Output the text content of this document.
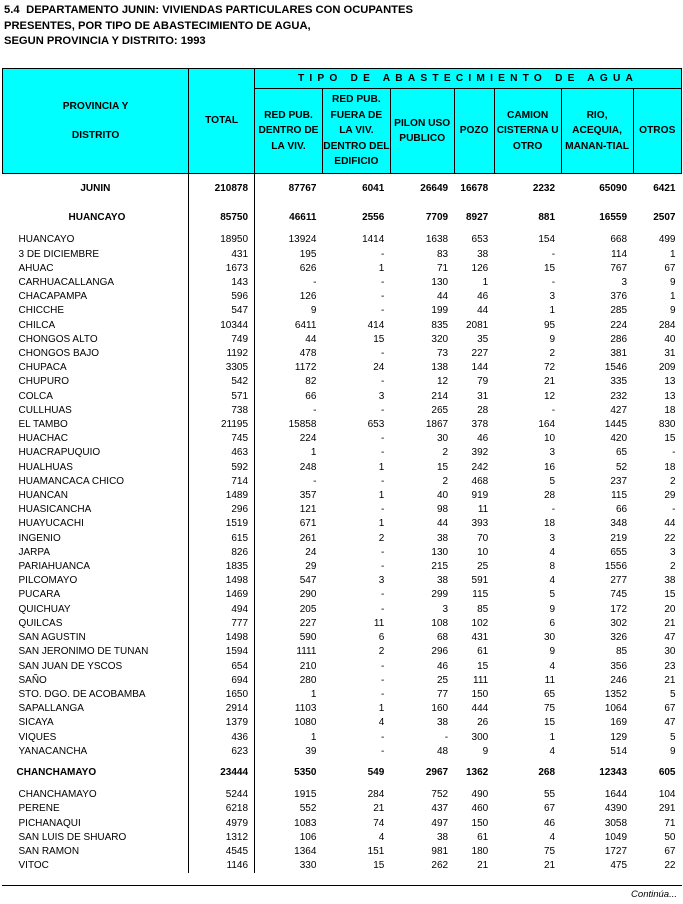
5.4 DEPARTAMENTO JUNIN: VIVIENDAS PARTICULARES CON OCUPANTES
PRESENTES, POR TIPO DE ABASTECIMIENTO DE AGUA,
SEGUN PROVINCIA Y DISTRITO: 1993
PROVINCIA Y
DISTRITO	TOTAL	TIPO DE ABASTECIMIENTO DE AGUA						
		RED PUB. DENTRO DE LA VIV.	RED PUB. FUERA DE LA VIV. DENTRO DEL EDIFICIO	PILON USO PUBLICO	POZO	CAMION CISTERNA U OTRO	RIO, ACEQUIA, MANAN-TIAL	OTROS

JUNIN	210878	87767	6041	26649	16678	2232	65090	6421

HUANCAYO	85750	46611	2556	7709	8927	881	16559	2507

HUANCAYO	18950	13924	1414	1638	653	154	668	499
3 DE DICIEMBRE	431	195	-	83	38	-	114	1
AHUAC	1673	626	1	71	126	15	767	67
CARHUACALLANGA	143	-	-	130	1	-	3	9
CHACAPAMPA	596	126	-	44	46	3	376	1
CHICCHE	547	9	-	199	44	1	285	9
CHILCA	10344	6411	414	835	2081	95	224	284
CHONGOS ALTO	749	44	15	320	35	9	286	40
CHONGOS BAJO	1192	478	-	73	227	2	381	31
CHUPACA	3305	1172	24	138	144	72	1546	209
CHUPURO	542	82	-	12	79	21	335	13
COLCA	571	66	3	214	31	12	232	13
CULLHUAS	738	-	-	265	28	-	427	18
EL TAMBO	21195	15858	653	1867	378	164	1445	830
HUACHAC	745	224	-	30	46	10	420	15
HUACRAPUQUIO	463	1	-	2	392	3	65	-
HUALHUAS	592	248	1	15	242	16	52	18
HUAMANCACA CHICO	714	-	-	2	468	5	237	2
HUANCAN	1489	357	1	40	919	28	115	29
HUASICANCHA	296	121	-	98	11	-	66	-
HUAYUCACHI	1519	671	1	44	393	18	348	44
INGENIO	615	261	2	38	70	3	219	22
JARPA	826	24	-	130	10	4	655	3
PARIAHUANCA	1835	29	-	215	25	8	1556	2
PILCOMAYO	1498	547	3	38	591	4	277	38
PUCARA	1469	290	-	299	115	5	745	15
QUICHUAY	494	205	-	3	85	9	172	20
QUILCAS	777	227	11	108	102	6	302	21
SAN AGUSTIN	1498	590	6	68	431	30	326	47
SAN JERONIMO DE TUNAN	1594	1111	2	296	61	9	85	30
SAN JUAN DE YSCOS	654	210	-	46	15	4	356	23
SAÑO	694	280	-	25	111	11	246	21
STO. DGO. DE ACOBAMBA	1650	1	-	77	150	65	1352	5
SAPALLANGA	2914	1103	1	160	444	75	1064	67
SICAYA	1379	1080	4	38	26	15	169	47
VIQUES	436	1	-	-	300	1	129	5
YANACANCHA	623	39	-	48	9	4	514	9

CHANCHAMAYO	23444	5350	549	2967	1362	268	12343	605

CHANCHAMAYO	5244	1915	284	752	490	55	1644	104
PERENE	6218	552	21	437	460	67	4390	291
PICHANAQUI	4979	1083	74	497	150	46	3058	71
SAN LUIS DE SHUARO	1312	106	4	38	61	4	1049	50
SAN RAMON	4545	1364	151	981	180	75	1727	67
VITOC	1146	330	15	262	21	21	475	22
Continúa...
